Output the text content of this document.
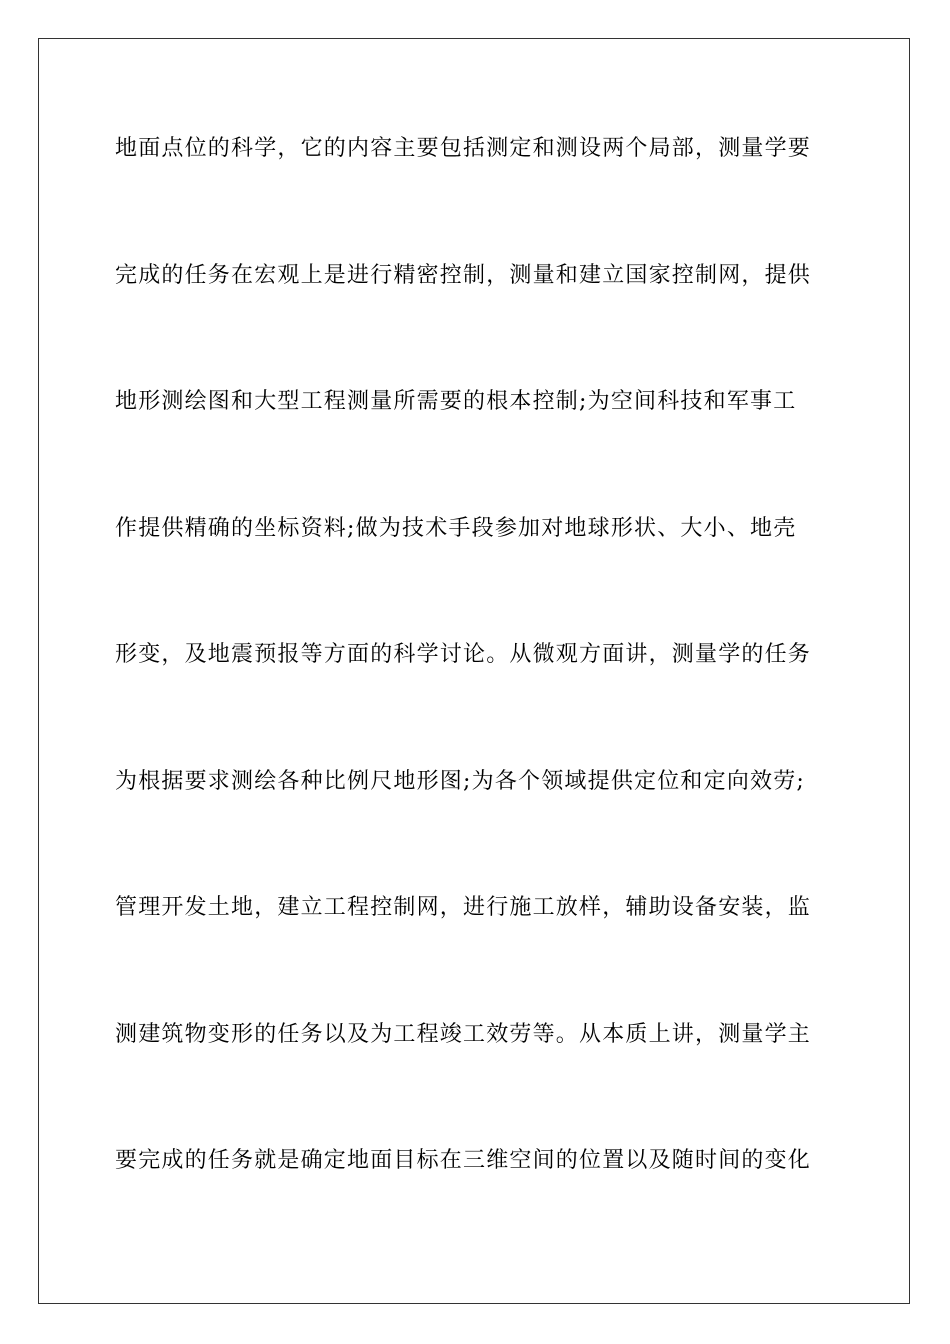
地面点位的科学，它的内容主要包括测定和测设两个局部，测量学要
完成的任务在宏观上是进行精密控制，测量和建立国家控制网，提供
地形测绘图和大型工程测量所需要的根本控制;为空间科技和军事工
作提供精确的坐标资料;做为技术手段参加对地球形状、大小、地壳
形变，及地震预报等方面的科学讨论。从微观方面讲，测量学的任务
为根据要求测绘各种比例尺地形图;为各个领域提供定位和定向效劳;
管理开发土地，建立工程控制网，进行施工放样，辅助设备安装，监
测建筑物变形的任务以及为工程竣工效劳等。从本质上讲，测量学主
要完成的任务就是确定地面目标在三维空间的位置以及随时间的变化
